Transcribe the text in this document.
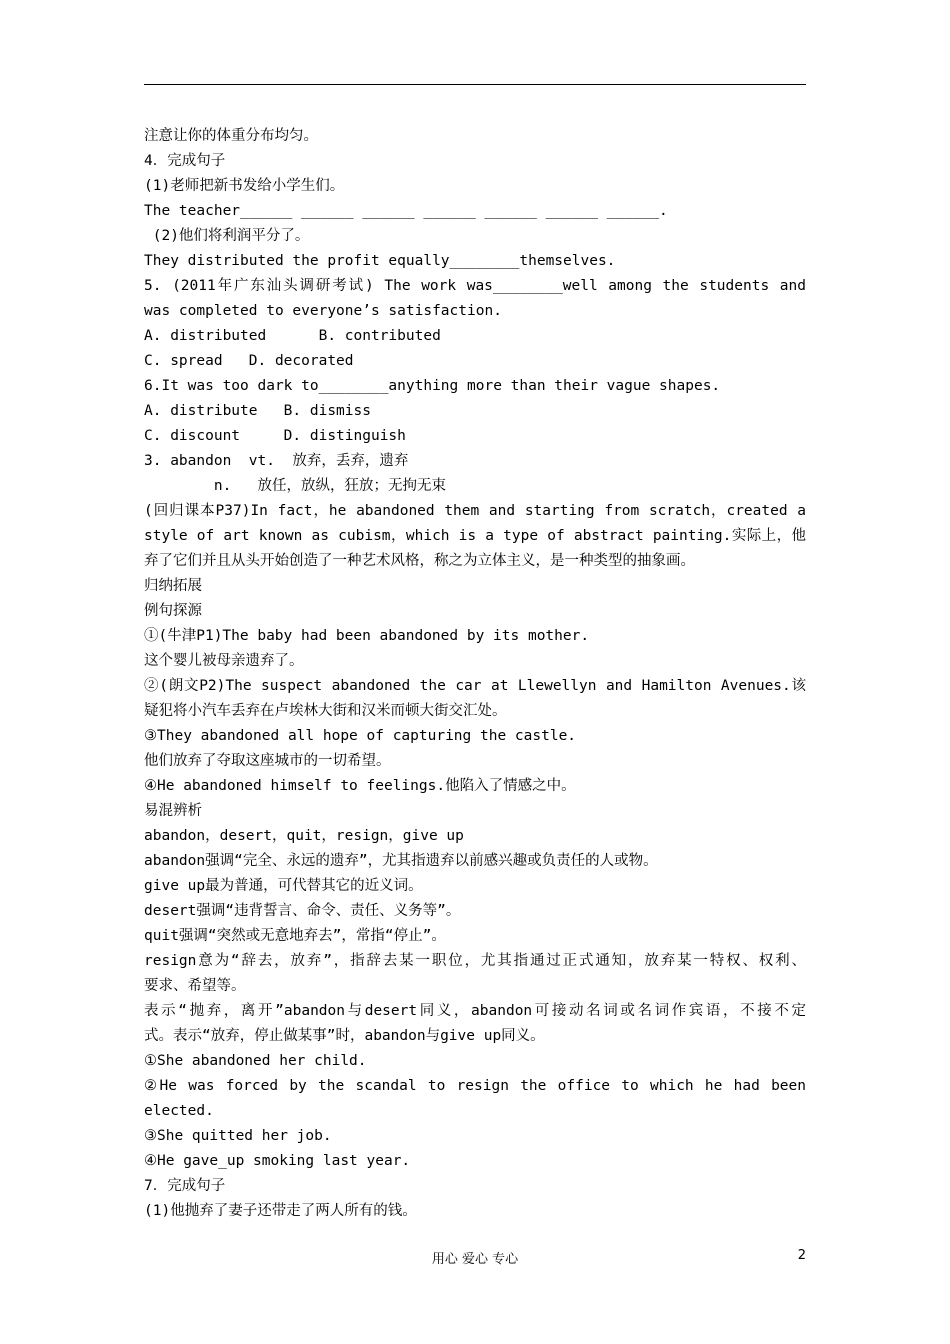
注意让你的体重分布均匀。
4．完成句子
(1)老师把新书发给小学生们。
The teacher______ ______ ______ ______ ______ ______ ______.
(2)他们将利润平分了。
They distributed the profit equally________themselves.
5. (2011年广东汕头调研考试) The work was________well among the students and
was completed to everyone’s satisfaction.
A. distributed      B. contributed
C. spread   D. decorated
6.It was too dark to________anything more than their vague shapes.
A. distribute   B. dismiss
C. discount     D. distinguish
3. abandon  vt.  放弃，丢弃，遗弃
n.   放任，放纵，狂放；无拘无束
(回归课本P37)In fact，he abandoned them and starting from scratch，created a
style of art known as cubism，which is a type of abstract painting.实际上，他
弃了它们并且从头开始创造了一种艺术风格，称之为立体主义，是一种类型的抽象画。
归纳拓展
例句探源
①(牛津P1)The baby had been abandoned by its mother.
这个婴儿被母亲遗弃了。
②(朗文P2)The suspect abandoned the car at Llewellyn and Hamilton Avenues.该
疑犯将小汽车丢弃在卢埃林大街和汉米而顿大街交汇处。
③They abandoned all hope of capturing the castle.
他们放弃了夺取这座城市的一切希望。
④He abandoned himself to feelings.他陷入了情感之中。
易混辨析
abandon，desert，quit，resign，give up
abandon强调“完全、永远的遗弃”，尤其指遗弃以前感兴趣或负责任的人或物。
give up最为普通，可代替其它的近义词。
desert强调“违背誓言、命令、责任、义务等”。
quit强调“突然或无意地弃去”，常指“停止”。
resign意为“辞去，放弃”，指辞去某一职位，尤其指通过正式通知，放弃某一特权、权利、
要求、希望等。
表示“抛弃，离开”abandon与desert同义，abandon可接动名词或名词作宾语，不接不定
式。表示“放弃，停止做某事”时，abandon与give up同义。
①She abandoned her child.
②He was forced by the scandal to resign the office to which he had been
elected.
③She quitted her job.
④He gave_up smoking last year.
7．完成句子
(1)他抛弃了妻子还带走了两人所有的钱。
用心 爱心 专心	2
